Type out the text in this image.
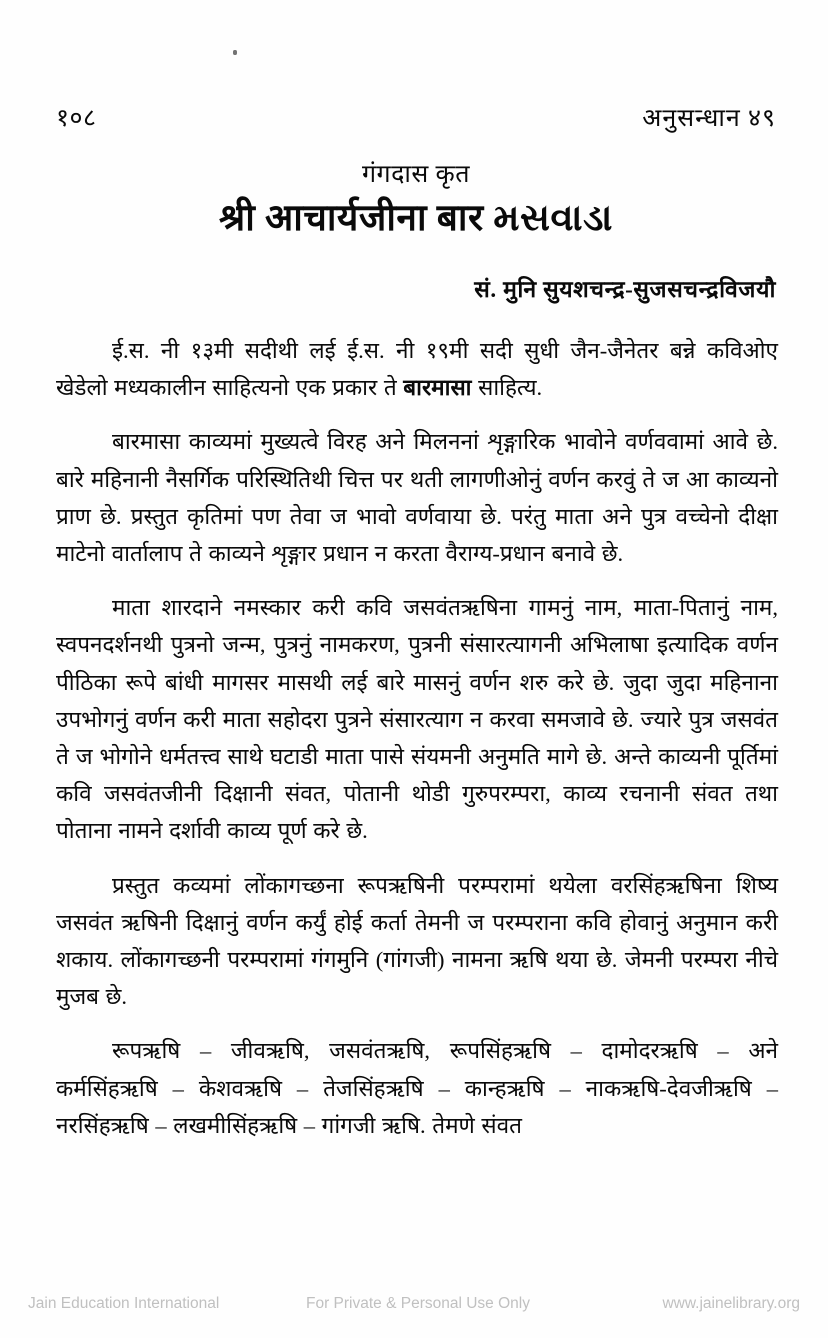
१०८	अनुसन्धान ४९
गंगदास कृत
श्री आचार्यजीना बार મસવાડા
सं. मुनि सुयशचन्द्र-सुजसचन्द्रविजयौ

ई.स. नी १३मी सदीथी लई ई.स. नी १९मी सदी सुधी जैन-जैनेतर बन्ने कविओए खेडेलो मध्यकालीन साहित्यनो एक प्रकार ते बारमासा साहित्य.

बारमासा काव्यमां मुख्यत्वे विरह अने मिलननां शृङ्गारिक भावोने वर्णववामां आवे छे. बारे महिनानी नैसर्गिक परिस्थितिथी चित्त पर थती लागणीओनुं वर्णन करवुं ते ज आ काव्यनो प्राण छे. प्रस्तुत कृतिमां पण तेवा ज भावो वर्णवाया छे. परंतु माता अने पुत्र वच्चेनो दीक्षा माटेनो वार्तालाप ते काव्यने शृङ्गार प्रधान न करता वैराग्य-प्रधान बनावे छे.

माता शारदाने नमस्कार करी कवि जसवंतऋषिना गामनुं नाम, माता-पितानुं नाम, स्वपनदर्शनथी पुत्रनो जन्म, पुत्रनुं नामकरण, पुत्रनी संसारत्यागनी अभिलाषा इत्यादिक वर्णन पीठिका रूपे बांधी मागसर मासथी लई बारे मासनुं वर्णन शरु करे छे. जुदा जुदा महिनाना उपभोगनुं वर्णन करी माता सहोदरा पुत्रने संसारत्याग न करवा समजावे छे. ज्यारे पुत्र जसवंत ते ज भोगोने धर्मतत्त्व साथे घटाडी माता पासे संयमनी अनुमति मागे छे. अन्ते काव्यनी पूर्तिमां कवि जसवंतजीनी दिक्षानी संवत, पोतानी थोडी गुरुपरम्परा, काव्य रचनानी संवत तथा पोताना नामने दर्शावी काव्य पूर्ण करे छे.

प्रस्तुत कव्यमां लोंकागच्छना रूपऋषिनी परम्परामां थयेला वरसिंहऋषिना शिष्य जसवंत ऋषिनी दिक्षानुं वर्णन कर्युं होई कर्ता तेमनी ज परम्पराना कवि होवानुं अनुमान करी शकाय. लोंकागच्छनी परम्परामां गंगमुनि (गांगजी) नामना ऋषि थया छे. जेमनी परम्परा नीचे मुजब छे.

रूपऋषि – जीवऋषि, जसवंतऋषि, रूपसिंहऋषि – दामोदरऋषि – अने कर्मसिंहऋषि – केशवऋषि – तेजसिंहऋषि – कान्हऋषि – नाकऋषि-देवजीऋषि – नरसिंहऋषि – लखमीसिंहऋषि – गांगजी ऋषि. तेमणे संवत

Jain Education International	For Private & Personal Use Only	www.jainelibrary.org
